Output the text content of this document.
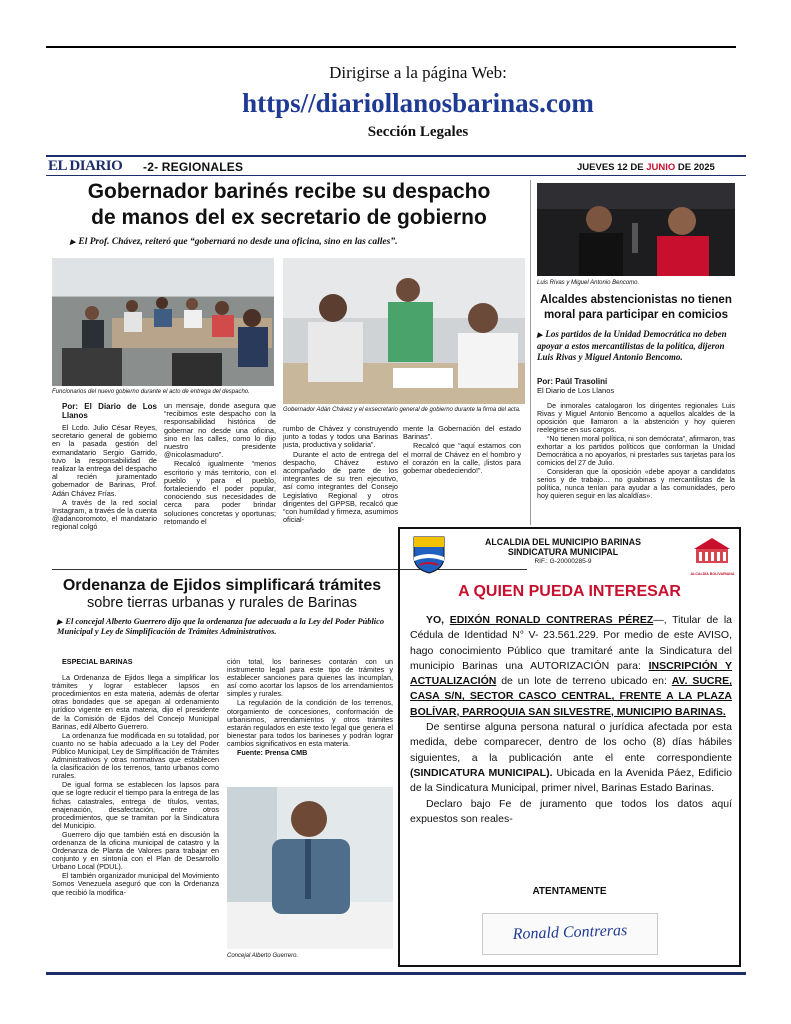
Dirigirse a la página Web:
https//diariollanosbarinas.com
Sección Legales
EL DIARIO -2- REGIONALES	JUEVES 12 DE JUNIO DE 2025
Gobernador barinés recibe su despacho
de manos del ex secretario de gobierno
▶ El Prof. Chávez, reiteró que “gobernará no desde una oficina, sino en las calles”.
Funcionarios del nuevo gobierno durante el acto de entrega del despacho.
Gobernador Adán Chávez y el exsecretario general de gobierno durante la firma del acta.

Por: El Diario de Los Llanos

El Lcdo. Julio César Reyes, secretario general de gobierno en la pasada gestión del exmandatario Sergio Garrido, tuvo la responsabilidad de realizar la entrega del despacho al recién juramentado gobernador de Barinas, Prof. Adán Chávez Frías.

A través de la red social Instagram, a través de la cuenta @adancoromoto, el mandatario regional colgó

un mensaje, donde asegura que “recibimos este despacho con la responsabilidad histórica de gobernar no desde una oficina, sino en las calles, como lo dijo nuestro presidente @nicolasmaduro”.

Recalcó igualmente “menos escritorio y más territorio, con el pueblo y para el pueblo, fortaleciendo el poder popular, conociendo sus necesidades de cerca para poder brindar soluciones concretas y oportunas; retomando el

rumbo de Chávez y construyendo junto a todas y todos una Barinas justa, productiva y solidaria”.

Durante el acto de entrega del despacho, Chávez estuvo acompañado de parte de los integrantes de su tren ejecutivo, así como integrantes del Consejo Legislativo Regional y otros dirigentes del GPPSB, recalcó que “con humildad y firmeza, asumimos oficial-

mente la Gobernación del estado Barinas”.

Recalcó que “aquí estamos con el morral de Chávez en el hombro y el corazón en la calle, ¡listos para gobernar obedeciendo!”.

Luis Rivas y Miguel Antonio Bencomo.
Alcaldes abstencionistas no tienen
moral para participar en comicios
▶ Los partidos de la Unidad Democrática no deben apoyar a estos mercantilistas de la política, dijeron Luis Rivas y Miguel Antonio Bencomo.
Por: Paúl Trasolini
El Diario de Los Llanos

De inmorales catalogaron los dirigentes regionales Luis Rivas y Miguel Antonio Bencomo a aquellos alcaldes de la oposición que llamaron a la abstención y hoy quieren reelegirse en sus cargos.

“No tienen moral política, ni son demócrata”, afirmaron, tras exhortar a los partidos políticos que conforman la Unidad Democrática a no apoyarlos, ni prestarles sus tarjetas para los comicios del 27 de Julio.

Consideran que la oposición «debe apoyar a candidatos serios y de trabajo… no guabinas y mercantilistas de la política, nunca tenían para ayudar a las comunidades, pero hoy quieren seguir en las alcaldías».

Ordenanza de Ejidos simplificará trámites
sobre tierras urbanas y rurales de Barinas
▶ El concejal Alberto Guerrero dijo que la ordenanza fue adecuada a la Ley del Poder Público Municipal y Ley de Simplificación de Trámites Administrativos.

ESPECIAL BARINAS

La Ordenanza de Ejidos llega a simplificar los trámites y lograr establecer lapsos en procedimientos en esta materia, además de ofertar otras bondades que se apegan al ordenamiento jurídico vigente en esta materia, dijo el presidente de la Comisión de Ejidos del Concejo Municipal Barinas, edil Alberto Guerrero.

La ordenanza fue modificada en su totalidad, por cuanto no se había adecuado a la Ley del Poder Público Municipal, Ley de Simplificación de Trámites Administrativos y otras normativas que establecen la clasificación de los terrenos, tanto urbanos como rurales.

De igual forma se establecen los lapsos para que se logre reducir el tiempo para la entrega de las fichas catastrales, entrega de títulos, ventas, enajenación, desafectación, entre otros procedimientos, que se tramitan por la Sindicatura del Municipio.

Guerrero dijo que también está en discusión la ordenanza de la oficina municipal de catastro y la Ordenanza de Planta de Valores para trabajar en conjunto y en sintonía con el Plan de Desarrollo Urbano Local (PDUL).

El también organizador municipal del Movimiento Somos Venezuela aseguró que con la Ordenanza que recibió la modifica-

ción total, los barineses contarán con un instrumento legal para este tipo de trámites y establecer sanciones para quienes las incumplan, así como acortar los lapsos de los arrendamientos simples y rurales.

La regulación de la condición de los terrenos, otorgamiento de concesiones, conformación de urbanismos, arrendamientos y otros trámites estarán regulados en este texto legal que genera el bienestar para todos los barineses y podrán lograr cambios significativos en esta materia.

Fuente: Prensa CMB

Concejal Alberto Guerrero.
ALCALDIA DEL MUNICIPIO BARINAS
SINDICATURA MUNICIPAL
RIF.: G-20000285-9
ALCALDÍA BOLIVARIANA
A QUIEN PUEDA INTERESAR

YO, EDIXÓN RONALD CONTRERAS PÉREZ—, Titular de la Cédula de Identidad N° V- 23.561.229. Por medio de este AVISO, hago conocimiento Público que tramitaré ante la Sindicatura del municipio Barinas una AUTORIZACIÓN para: INSCRIPCIÓN Y ACTUALIZACIÓN de un lote de terreno ubicado en: AV. SUCRE, CASA S/N, SECTOR CASCO CENTRAL, FRENTE A LA PLAZA BOLÍVAR, PARROQUIA SAN SILVESTRE, MUNICIPIO BARINAS.

De sentirse alguna persona natural o jurídica afectada por esta medida, debe comparecer, dentro de los ocho (8) días hábiles siguientes, a la publicación ante el ente correspondiente (SINDICATURA MUNICIPAL). Ubicada en la Avenida Páez, Edificio de la Sindicatura Municipal, primer nivel, Barinas Estado Barinas.

Declaro bajo Fe de juramento que todos los datos aquí expuestos son reales-

ATENTAMENTE
Ronald Contreras
